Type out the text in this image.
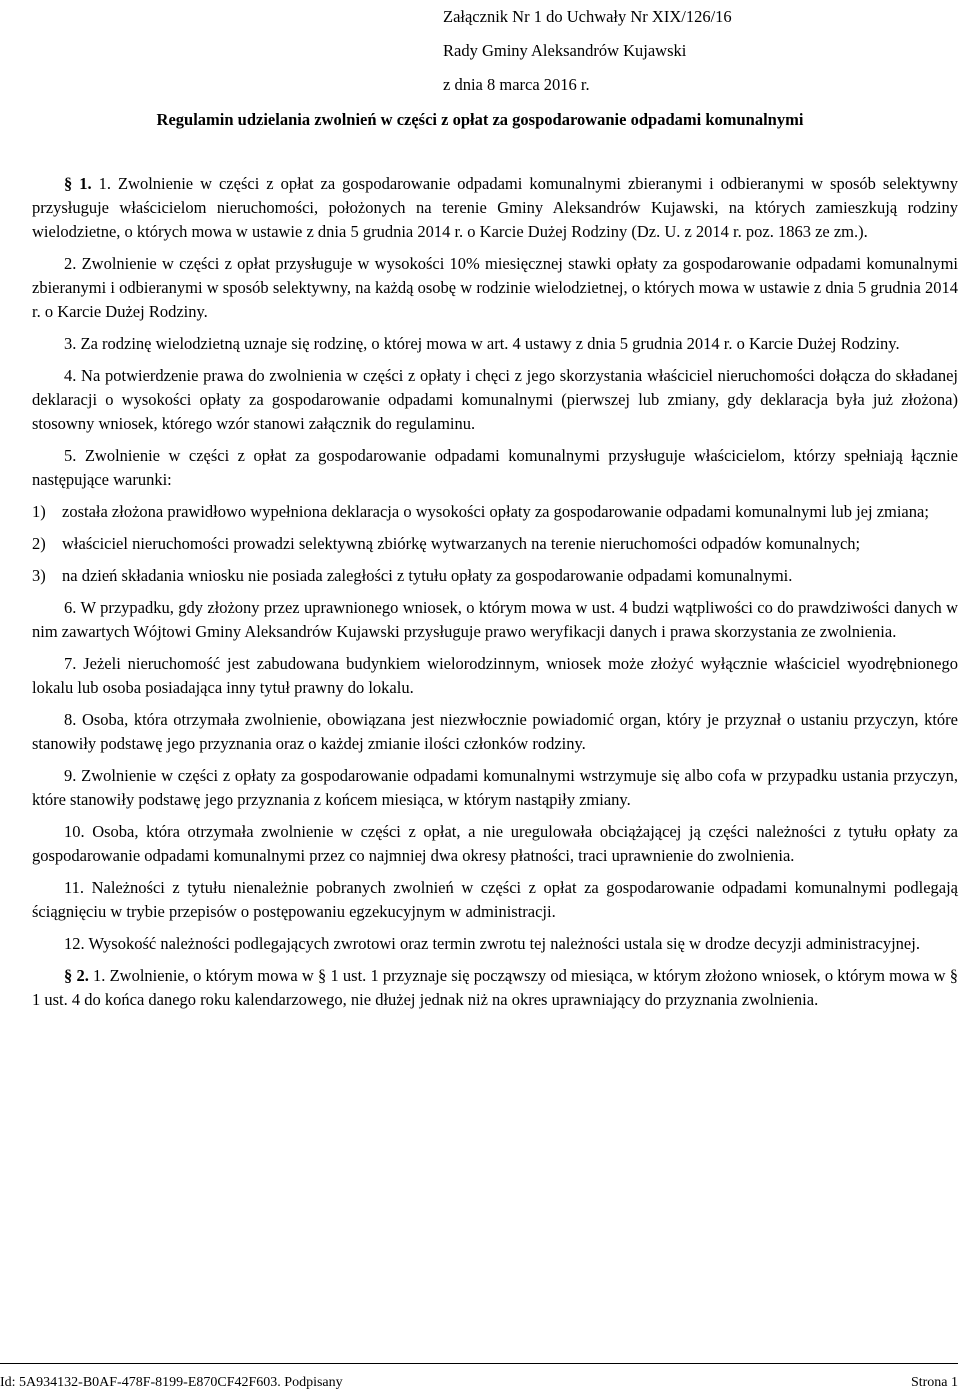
Załącznik Nr 1 do Uchwały Nr XIX/126/16
Rady Gminy Aleksandrów Kujawski
z dnia 8 marca 2016 r.
Regulamin udzielania zwolnień w części z opłat za gospodarowanie odpadami komunalnymi

§ 1. 1. Zwolnienie w części z opłat za gospodarowanie odpadami komunalnymi zbieranymi i odbieranymi w sposób selektywny przysługuje właścicielom nieruchomości, położonych na terenie Gminy Aleksandrów Kujawski, na których zamieszkują rodziny wielodzietne, o których mowa w ustawie z dnia 5 grudnia 2014 r. o Karcie Dużej Rodziny (Dz. U. z 2014 r. poz. 1863 ze zm.).

2. Zwolnienie w części z opłat przysługuje w wysokości 10% miesięcznej stawki opłaty za gospodarowanie odpadami komunalnymi zbieranymi i odbieranymi w sposób selektywny, na każdą osobę w rodzinie wielodzietnej, o których mowa w ustawie z dnia 5 grudnia 2014 r. o Karcie Dużej Rodziny.

3. Za rodzinę wielodzietną uznaje się rodzinę, o której mowa w art. 4 ustawy z dnia 5 grudnia 2014 r. o Karcie Dużej Rodziny.

4. Na potwierdzenie prawa do zwolnienia w części z opłaty i chęci z jego skorzystania właściciel nieruchomości dołącza do składanej deklaracji o wysokości opłaty za gospodarowanie odpadami komunalnymi (pierwszej lub zmiany, gdy deklaracja była już złożona) stosowny wniosek, którego wzór stanowi załącznik do regulaminu.

5. Zwolnienie w części z opłat za gospodarowanie odpadami komunalnymi przysługuje właścicielom, którzy spełniają łącznie następujące warunki:

1) została złożona prawidłowo wypełniona deklaracja o wysokości opłaty za gospodarowanie odpadami komunalnymi lub jej zmiana;
2) właściciel nieruchomości prowadzi selektywną zbiórkę wytwarzanych na terenie nieruchomości odpadów komunalnych;
3) na dzień składania wniosku nie posiada zaległości z tytułu opłaty za gospodarowanie odpadami komunalnymi.

6. W przypadku, gdy złożony przez uprawnionego wniosek, o którym mowa w ust. 4 budzi wątpliwości co do prawdziwości danych w nim zawartych Wójtowi Gminy Aleksandrów Kujawski przysługuje prawo weryfikacji danych i prawa skorzystania ze zwolnienia.

7. Jeżeli nieruchomość jest zabudowana budynkiem wielorodzinnym, wniosek może złożyć wyłącznie właściciel wyodrębnionego lokalu lub osoba posiadająca inny tytuł prawny do lokalu.

8. Osoba, która otrzymała zwolnienie, obowiązana jest niezwłocznie powiadomić organ, który je przyznał o ustaniu przyczyn, które stanowiły podstawę jego przyznania oraz o każdej zmianie ilości członków rodziny.

9. Zwolnienie w części z opłaty za gospodarowanie odpadami komunalnymi wstrzymuje się albo cofa w przypadku ustania przyczyn, które stanowiły podstawę jego przyznania z końcem miesiąca, w którym nastąpiły zmiany.

10. Osoba, która otrzymała zwolnienie w części z opłat, a nie uregulowała obciążającej ją części należności z tytułu opłaty za gospodarowanie odpadami komunalnymi przez co najmniej dwa okresy płatności, traci uprawnienie do zwolnienia.

11. Należności z tytułu nienależnie pobranych zwolnień w części z opłat za gospodarowanie odpadami komunalnymi podlegają ściągnięciu w trybie przepisów o postępowaniu egzekucyjnym w administracji.

12. Wysokość należności podlegających zwrotowi oraz termin zwrotu tej należności ustala się w drodze decyzji administracyjnej.

§ 2. 1. Zwolnienie, o którym mowa w § 1 ust. 1 przyznaje się począwszy od miesiąca, w którym złożono wniosek, o którym mowa w § 1 ust. 4 do końca danego roku kalendarzowego, nie dłużej jednak niż na okres uprawniający do przyznania zwolnienia.

Id: 5A934132-B0AF-478F-8199-E870CF42F603. Podpisany	Strona 1
